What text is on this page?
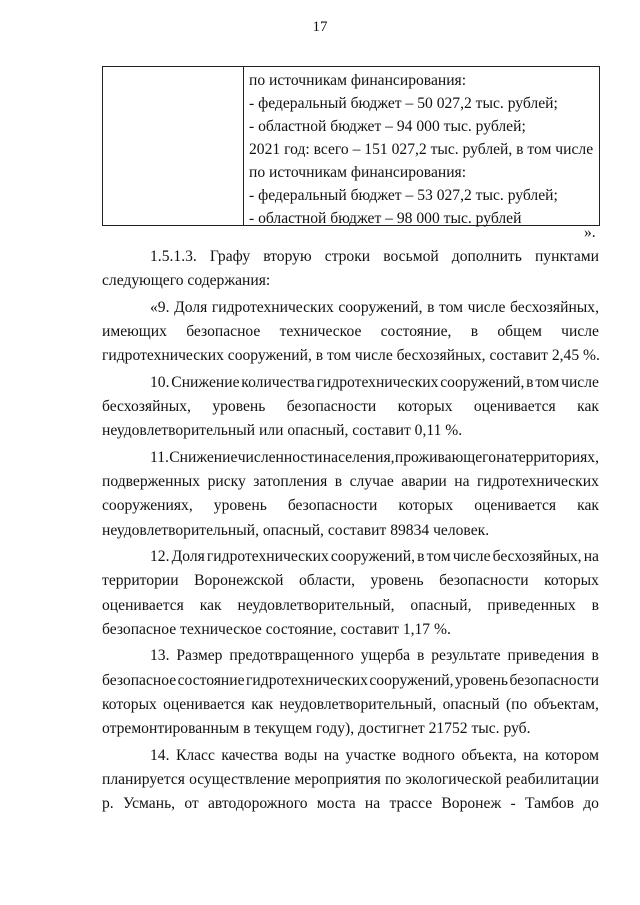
17
по источникам финансирования:
- федеральный бюджет – 50 027,2 тыс. рублей;
- областной бюджет – 94 000 тыс. рублей;
2021 год: всего – 151 027,2 тыс. рублей, в том числе
по источникам финансирования:
- федеральный бюджет – 53 027,2 тыс. рублей;
- областной бюджет – 98 000 тыс. рублей
».
1.5.1.3. Графу вторую строки восьмой дополнить пунктами
следующего содержания:
«9. Доля гидротехнических сооружений, в том числе бесхозяйных,
имеющих безопасное техническое состояние, в общем числе
гидротехнических сооружений, в том числе бесхозяйных, составит 2,45 %.
10. Снижение количества гидротехнических сооружений, в том числе
бесхозяйных, уровень безопасности которых оценивается как
неудовлетворительный или опасный, составит 0,11 %.
11. Снижение численности населения, проживающего на территориях,
подверженных риску затопления в случае аварии на гидротехнических
сооружениях, уровень безопасности которых оценивается как
неудовлетворительный, опасный, составит 89834 человек.
12. Доля гидротехнических сооружений, в том числе бесхозяйных, на
территории Воронежской области, уровень безопасности которых
оценивается как неудовлетворительный, опасный, приведенных в
безопасное техническое состояние, составит 1,17 %.
13. Размер предотвращенного ущерба в результате приведения в
безопасное состояние гидротехнических сооружений, уровень безопасности
которых оценивается как неудовлетворительный, опасный (по объектам,
отремонтированным в текущем году), достигнет 21752 тыс. руб.
14. Класс качества воды на участке водного объекта, на котором
планируется осуществление мероприятия по экологической реабилитации
р. Усмань, от автодорожного моста на трассе Воронеж - Тамбов до
